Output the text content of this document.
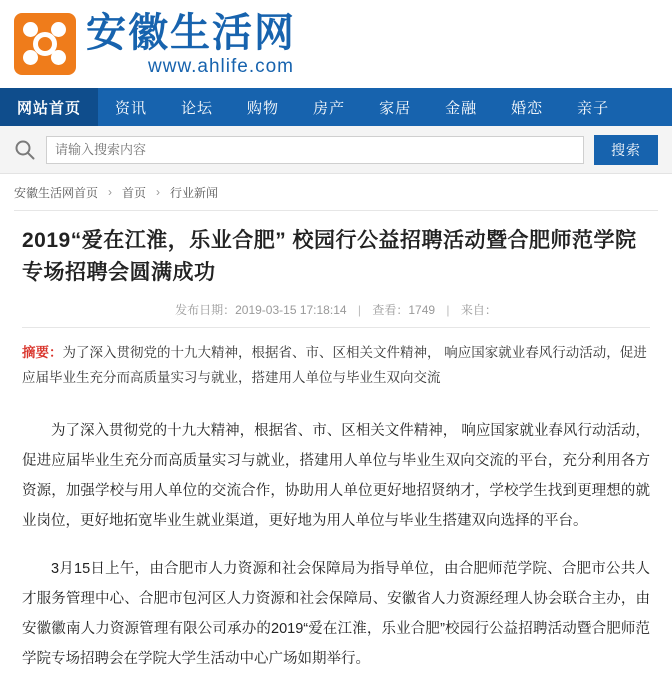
安徽生活网
www.ahlife.com
网站首页	资讯	论坛	购物	房产	家居	金融	婚恋	亲子
请输入搜索内容
搜索
安徽生活网首页 › 首页 › 行业新闻
2019“爱在江淮，乐业合肥” 校园行公益招聘活动暨合肥师范学院专场招聘会圆满成功
发布日期：2019-03-15 17:18:14 | 查看：1749 | 来自：
摘要：为了深入贯彻党的十九大精神，根据省、市、区相关文件精神， 响应国家就业春风行动活动，促进应届毕业生充分而高质量实习与就业，搭建用人单位与毕业生双向交流

为了深入贯彻党的十九大精神，根据省、市、区相关文件精神， 响应国家就业春风行动活动，促进应届毕业生充分而高质量实习与就业，搭建用人单位与毕业生双向交流的平台，充分利用各方资源，加强学校与用人单位的交流合作，协助用人单位更好地招贤纳才，学校学生找到更理想的就业岗位，更好地拓宽毕业生就业渠道，更好地为用人单位与毕业生搭建双向选择的平台。

3月15日上午，由合肥市人力资源和社会保障局为指导单位，由合肥师范学院、合肥市公共人才服务管理中心、合肥市包河区人力资源和社会保障局、安徽省人力资源经理人协会联合主办，由安徽徽南人力资源管理有限公司承办的2019“爱在江淮，乐业合肥”校园行公益招聘活动暨合肥师范学院专场招聘会在学院大学生活动中心广场如期举行。
